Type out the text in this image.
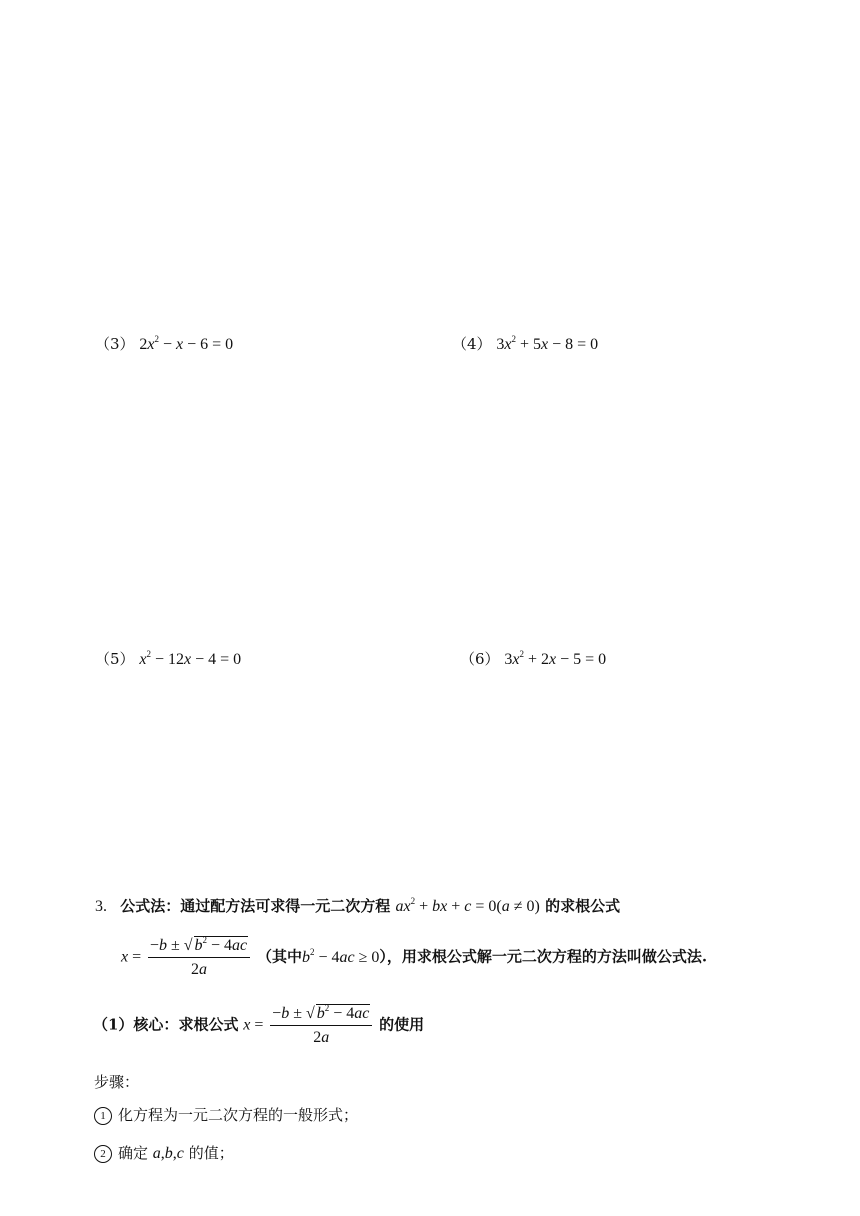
（3） $2x^2 - x - 6 = 0$	（4） $3x^2 + 5x - 8 = 0$
（5） $x^2 - 12x - 4 = 0$	（6） $3x^2 + 2x - 5 = 0$
3. 公式法：通过配方法可求得一元二次方程 $ax^2$ + bx + c = 0(a ≠ 0) 的求根公式
$x = \frac{-b \pm √ b^2 - 4ac}{2a}$ （其中$b^2 - 4ac \ge 0$），用求根公式解一元二次方程的方法叫做公式法.
（1）核心：求根公式 $x = \frac{-b \pm √ b^2 - 4ac}{2a}$ 的使用
步骤：
1 化方程为一元二次方程的一般形式；
2 确定 a,b,c 的值；
